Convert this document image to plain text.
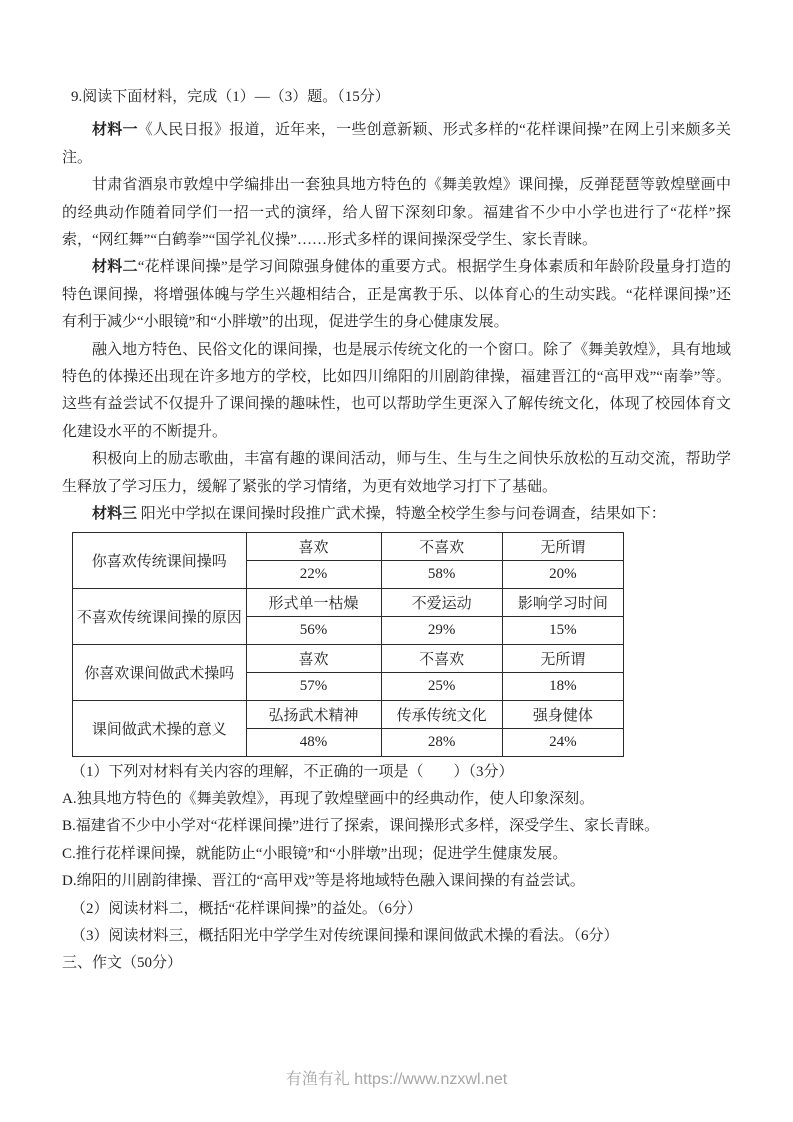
9.阅读下面材料，完成（1）—（3）题。（15分）

材料一《人民日报》报道，近年来，一些创意新颖、形式多样的“花样课间操”在网上引来颇多关注。

甘肃省酒泉市敦煌中学编排出一套独具地方特色的《舞美敦煌》课间操，反弹琵琶等敦煌壁画中的经典动作随着同学们一招一式的演绎，给人留下深刻印象。福建省不少中小学也进行了“花样”探索，“网红舞”“白鹤拳”“国学礼仪操”……形式多样的课间操深受学生、家长青睐。

材料二“花样课间操”是学习间隙强身健体的重要方式。根据学生身体素质和年龄阶段量身打造的特色课间操，将增强体魄与学生兴趣相结合，正是寓教于乐、以体育心的生动实践。“花样课间操”还有利于减少“小眼镜”和“小胖墩”的出现，促进学生的身心健康发展。

融入地方特色、民俗文化的课间操，也是展示传统文化的一个窗口。除了《舞美敦煌》，具有地域特色的体操还出现在许多地方的学校，比如四川绵阳的川剧韵律操，福建晋江的“高甲戏”“南拳”等。这些有益尝试不仅提升了课间操的趣味性，也可以帮助学生更深入了解传统文化，体现了校园体育文化建设水平的不断提升。

积极向上的励志歌曲，丰富有趣的课间活动，师与生、生与生之间快乐放松的互动交流，帮助学生释放了学习压力，缓解了紧张的学习情绪，为更有效地学习打下了基础。

材料三 阳光中学拟在课间操时段推广武术操，特邀全校学生参与问卷调查，结果如下：

你喜欢传统课间操吗	喜欢	不喜欢	无所谓
	22%	58%	20%
不喜欢传统课间操的原因	形式单一枯燥	不爱运动	影响学习时间
	56%	29%	15%
你喜欢课间做武术操吗	喜欢	不喜欢	无所谓
	57%	25%	18%
课间做武术操的意义	弘扬武术精神	传承传统文化	强身健体
	48%	28%	24%

（1）下列对材料有关内容的理解，不正确的一项是（　　）（3分）

A.独具地方特色的《舞美敦煌》，再现了敦煌壁画中的经典动作，使人印象深刻。

B.福建省不少中小学对“花样课间操”进行了探索，课间操形式多样，深受学生、家长青睐。

C.推行花样课间操，就能防止“小眼镜”和“小胖墩”出现；促进学生健康发展。

D.绵阳的川剧韵律操、晋江的“高甲戏”等是将地域特色融入课间操的有益尝试。

（2）阅读材料二，概括“花样课间操”的益处。（6分）

（3）阅读材料三，概括阳光中学学生对传统课间操和课间做武术操的看法。（6分）

三、作文（50分）

有渔有礼 https://www.nzxwl.net
